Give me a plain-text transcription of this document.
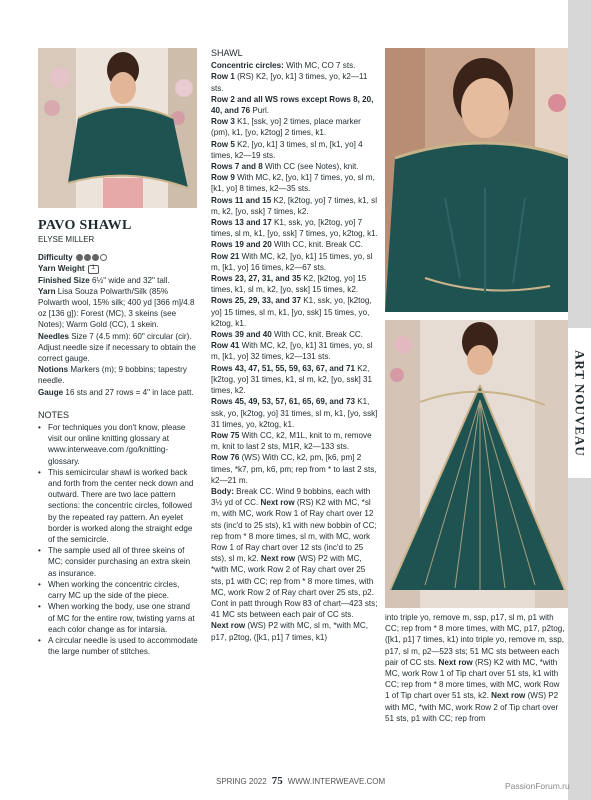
PAVO SHAWL
ELYSE MILLER
Difficulty
Yarn Weight 1
Finished Size 6½" wide and 32" tall.
Yarn Lisa Souza Polwarth/Silk (85% Polwarth wool, 15% silk; 400 yd [366 m]/4.8 oz [136 g]): Forest (MC), 3 skeins (see Notes); Warm Gold (CC), 1 skein.
Needles Size 7 (4.5 mm): 60" circular (cir). Adjust needle size if necessary to obtain the correct gauge.
Notions Markers (m); 9 bobbins; tapestry needle.
Gauge 16 sts and 27 rows = 4" in lace patt.
NOTES
• For techniques you don't know, please visit our online knitting glossary at www.interweave.com /go/knitting-glossary.
• This semicircular shawl is worked back and forth from the center neck down and outward. There are two lace pattern sections: the concentric circles, followed by the repeated ray pattern. An eyelet border is worked along the straight edge of the semicircle.
• The sample used all of three skeins of MC; consider purchasing an extra skein as insurance.
• When working the concentric circles, carry MC up the side of the piece.
• When working the body, use one strand of MC for the entire row, twisting yarns at each color change as for intarsia.
• A circular needle is used to accommodate the large number of stitches.
SHAWL
Concentric circles: With MC, CO 7 sts.
Row 1 (RS) K2, [yo, k1] 3 times, yo, k2—11 sts.
Row 2 and all WS rows except Rows 8, 20, 40, and 76 Purl.
Row 3 K1, [ssk, yo] 2 times, place marker (pm), k1, [yo, k2tog] 2 times, k1.
Row 5 K2, [yo, k1] 3 times, sl m, [k1, yo] 4 times, k2—19 sts.
Rows 7 and 8 With CC (see Notes), knit.
Row 9 With MC, k2, [yo, k1] 7 times, yo, sl m, [k1, yo] 8 times, k2—35 sts.
Rows 11 and 15 K2, [k2tog, yo] 7 times, k1, sl m, k2, [yo, ssk] 7 times, k2.
Rows 13 and 17 K1, ssk, yo, [k2tog, yo] 7 times, sl m, k1, [yo, ssk] 7 times, yo, k2tog, k1.
Rows 19 and 20 With CC, knit. Break CC.
Row 21 With MC, k2, [yo, k1] 15 times, yo, sl m, [k1, yo] 16 times, k2—67 sts.
Rows 23, 27, 31, and 35 K2, [k2tog, yo] 15 times, k1, sl m, k2, [yo, ssk] 15 times, k2.
Rows 25, 29, 33, and 37 K1, ssk, yo, [k2tog, yo] 15 times, sl m, k1, [yo, ssk] 15 times, yo, k2tog, k1.
Rows 39 and 40 With CC, knit. Break CC.
Row 41 With MC, k2, [yo, k1] 31 times, yo, sl m, [k1, yo] 32 times, k2—131 sts.
Rows 43, 47, 51, 55, 59, 63, 67, and 71 K2, [k2tog, yo] 31 times, k1, sl m, k2, [yo, ssk] 31 times, k2.
Rows 45, 49, 53, 57, 61, 65, 69, and 73 K1, ssk, yo, [k2tog, yo] 31 times, sl m, k1, [yo, ssk] 31 times, yo, k2tog, k1.
Row 75 With CC, k2, M1L, knit to m, remove m, knit to last 2 sts, M1R, k2—133 sts.
Row 76 (WS) With CC, k2, pm, [k6, pm] 2 times, *k7, pm, k6, pm; rep from * to last 2 sts, k2—21 m.
Body: Break CC. Wind 9 bobbins, each with 3½ yd of CC. Next row (RS) K2 with MC, *sl m, with MC, work Row 1 of Ray chart over 12 sts (inc'd to 25 sts), k1 with new bobbin of CC; rep from * 8 more times, sl m, with MC, work Row 1 of Ray chart over 12 sts (inc'd to 25 sts), sl m, k2. Next row (WS) P2 with MC, *with MC, work Row 2 of Ray chart over 25 sts, p1 with CC; rep from * 8 more times, with MC, work Row 2 of Ray chart over 25 sts, p2. Cont in patt through Row 83 of chart—423 sts; 41 MC sts between each pair of CC sts.
Next row (WS) P2 with MC, sl m, *with MC, p17, p2tog, ([k1, p1] 7 times, k1)
into triple yo, remove m, ssp, p17, sl m, p1 with CC; rep from * 8 more times, with MC, p17, p2tog, ([k1, p1] 7 times, k1) into triple yo, remove m, ssp, p17, sl m, p2—523 sts; 51 MC sts between each pair of CC sts. Next row (RS) K2 with MC, *with MC, work Row 1 of Tip chart over 51 sts, k1 with CC; rep from * 8 more times, with MC, work Row 1 of Tip chart over 51 sts, k2. Next row (WS) P2 with MC, *with MC, work Row 2 of Tip chart over 51 sts, p1 with CC; rep from
ART NOUVEAU
SPRING 2022 75 WWW.INTERWEAVE.COM	PassionForum.ru
